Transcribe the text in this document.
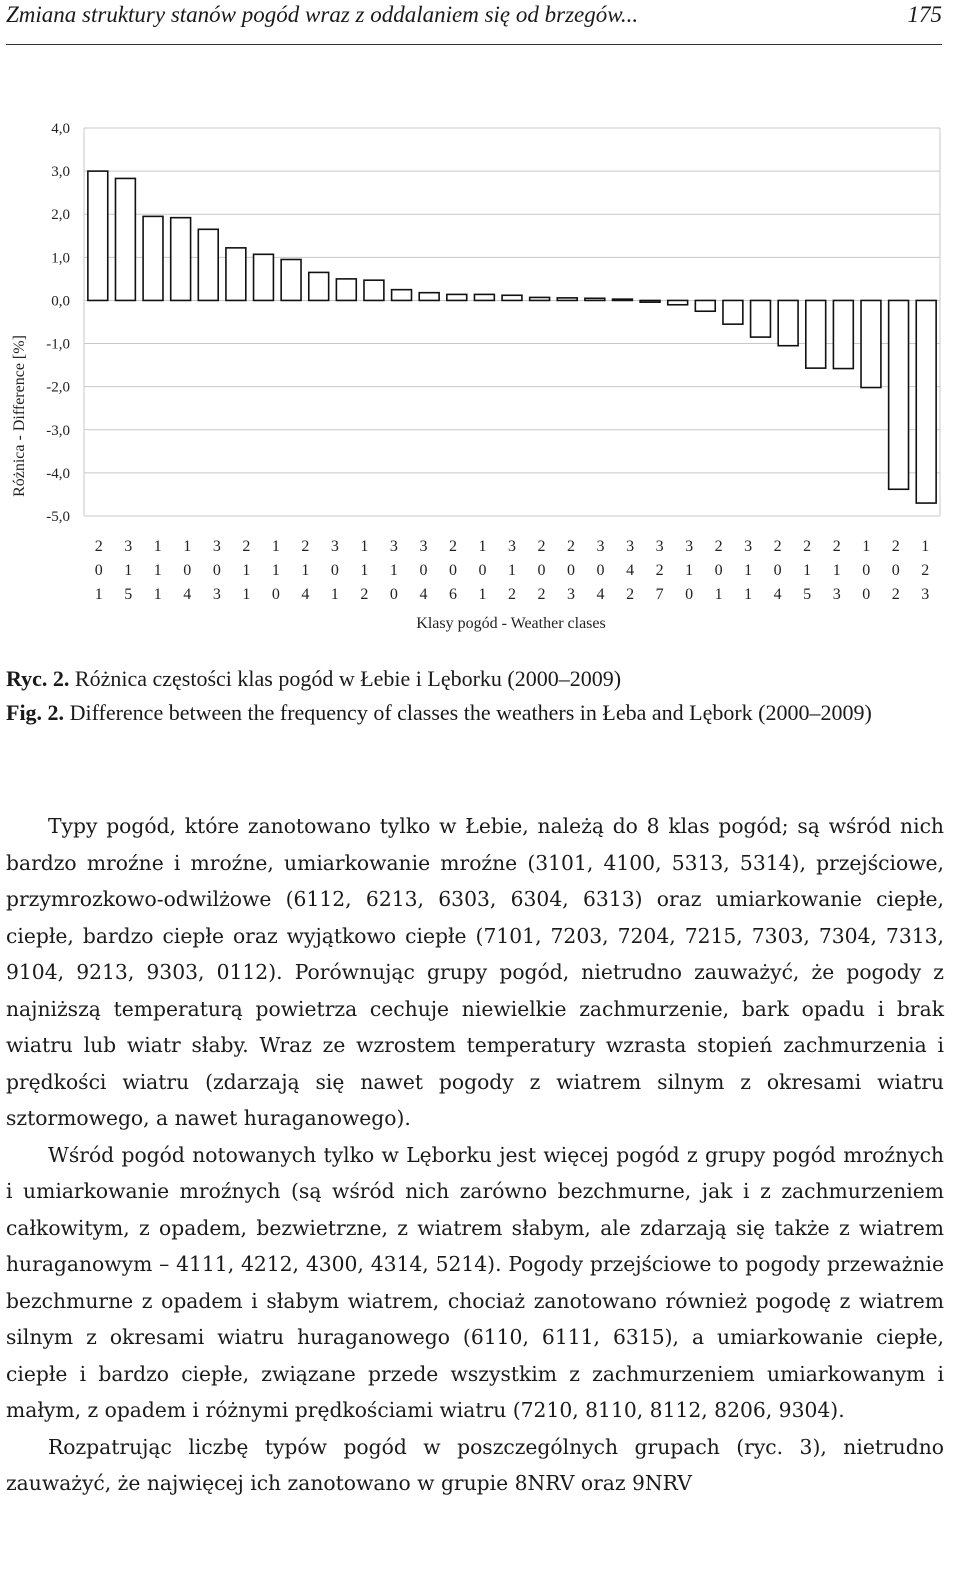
Zmiana struktury stanów pogód wraz z oddalaniem się od brzegów...	175
4,0
3,0
2,0
1,0
0,0
-1,0
-2,0
-3,0
-4,0
-5,0
2 0 1
3 1 5
1 1 1
1 0 4
3 0 3
2 1 1
1 1 0
2 1 4
3 0 1
1 1 2
3 1 0
3 0 4
2 0 6
1 0 1
3 1 2
2 0 2
2 0 3
3 0 4
3 4 2
3 2 7
3 1 0
2 0 1
3 1 1
2 0 4
2 1 5
2 1 3
1 0 0
2 0 2
1 2 3
Różnica - Difference [%]
Klasy pogód - Weather clases

Ryc. 2. Różnica częstości klas pogód w Łebie i Lęborku (2000–2009)

Fig. 2. Difference between the frequency of classes the weathers in Łeba and Lębork (2000–2009)

Typy pogód, które zanotowano tylko w Łebie, należą do 8 klas pogód; są wśród nich bardzo mroźne i mroźne, umiarkowanie mroźne (3101, 4100, 5313, 5314), przejściowe, przymrozkowo-odwilżowe (6112, 6213, 6303, 6304, 6313) oraz umiarkowanie ciepłe, ciepłe, bardzo ciepłe oraz wyjątkowo ciepłe (7101, 7203, 7204, 7215, 7303, 7304, 7313, 9104, 9213, 9303, 0112). Porównując grupy pogód, nietrudno zauważyć, że pogody z najniższą temperaturą powietrza cechuje niewielkie zachmurzenie, bark opadu i brak wiatru lub wiatr słaby. Wraz ze wzrostem temperatury wzrasta stopień zachmurzenia i prędkości wiatru (zdarzają się nawet pogody z wiatrem silnym z okresami wiatru sztormowego, a nawet huraganowego).

Wśród pogód notowanych tylko w Lęborku jest więcej pogód z grupy pogód mroźnych i umiarkowanie mroźnych (są wśród nich zarówno bezchmurne, jak i z zachmurzeniem całkowitym, z opadem, bezwietrzne, z wiatrem słabym, ale zdarzają się także z wiatrem huraganowym – 4111, 4212, 4300, 4314, 5214). Pogody przejściowe to pogody przeważnie bezchmurne z opadem i słabym wiatrem, chociaż zanotowano również pogodę z wiatrem silnym z okresami wiatru huraganowego (6110, 6111, 6315), a umiarkowanie ciepłe, ciepłe i bardzo ciepłe, związane przede wszystkim z zachmurzeniem umiarkowanym i małym, z opadem i różnymi prędkościami wiatru (7210, 8110, 8112, 8206, 9304).

Rozpatrując liczbę typów pogód w poszczególnych grupach (ryc. 3), nietrudno zauważyć, że najwięcej ich zanotowano w grupie 8NRV oraz 9NRV
